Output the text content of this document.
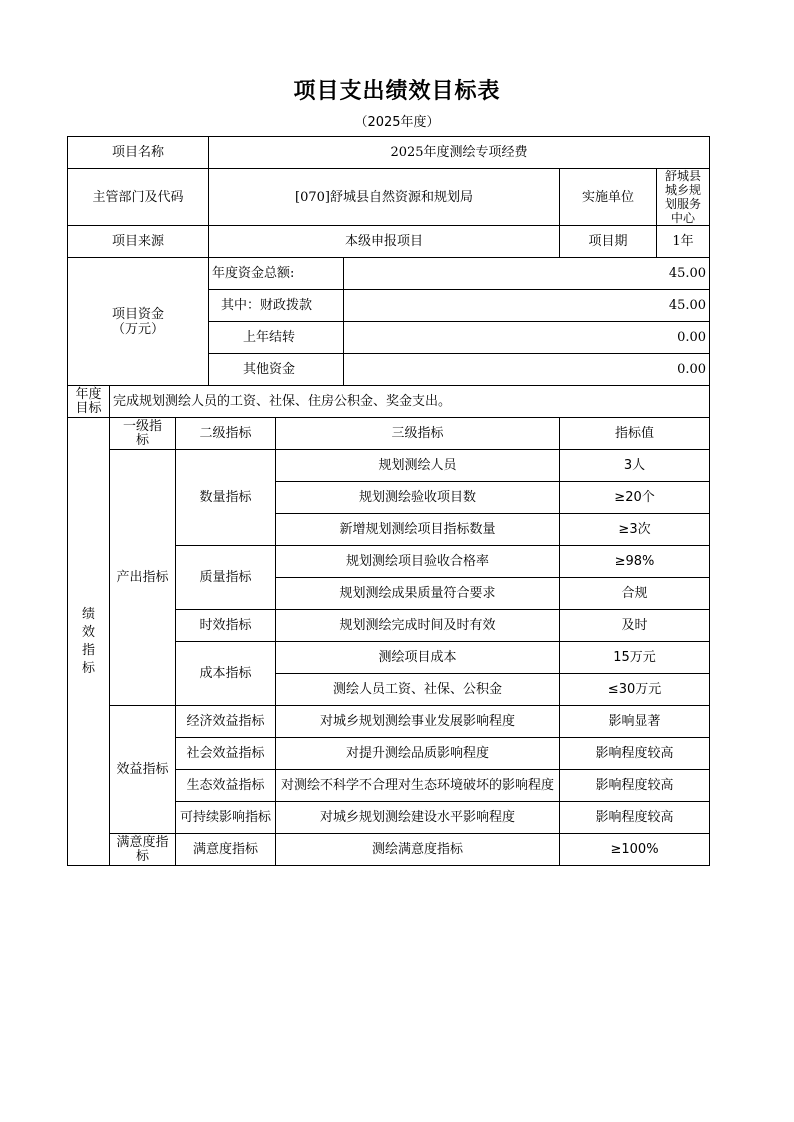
项目支出绩效目标表
（2025年度）
项目名称			2025年度测绘专项经费				
主管部门及代码			[070]舒城县自然资源和规划局			实施单位	舒城县城乡规划服务中心
项目来源			本级申报项目			项目期	1年

项目资金
（万元）			年度资金总额:		45.00		
			其中：财政拨款		45.00		
			上年结转		0.00		
			其他资金		0.00		

年度
目标	完成规划测绘人员的工资、社保、住房公积金、奖金支出。						

绩
效
指
标	一级指标	二级指标		三级指标		指标值	
	产出指标	数量指标		规划测绘人员		3人	
				规划测绘验收项目数		≥20个	
				新增规划测绘项目指标数量		≥3次	
		质量指标		规划测绘项目验收合格率		≥98%	
				规划测绘成果质量符合要求		合规	
		时效指标		规划测绘完成时间及时有效		及时	
		成本指标		测绘项目成本		15万元	
				测绘人员工资、社保、公积金		≤30万元	
	效益指标	经济效益指标		对城乡规划测绘事业发展影响程度		影响显著	
		社会效益指标		对提升测绘品质影响程度		影响程度较高	
		生态效益指标		对测绘不科学不合理对生态环境破坏的影响程度		影响程度较高	
		可持续影响指标		对城乡规划测绘建设水平影响程度		影响程度较高	
	满意度指标	满意度指标		测绘满意度指标		≥100%	
